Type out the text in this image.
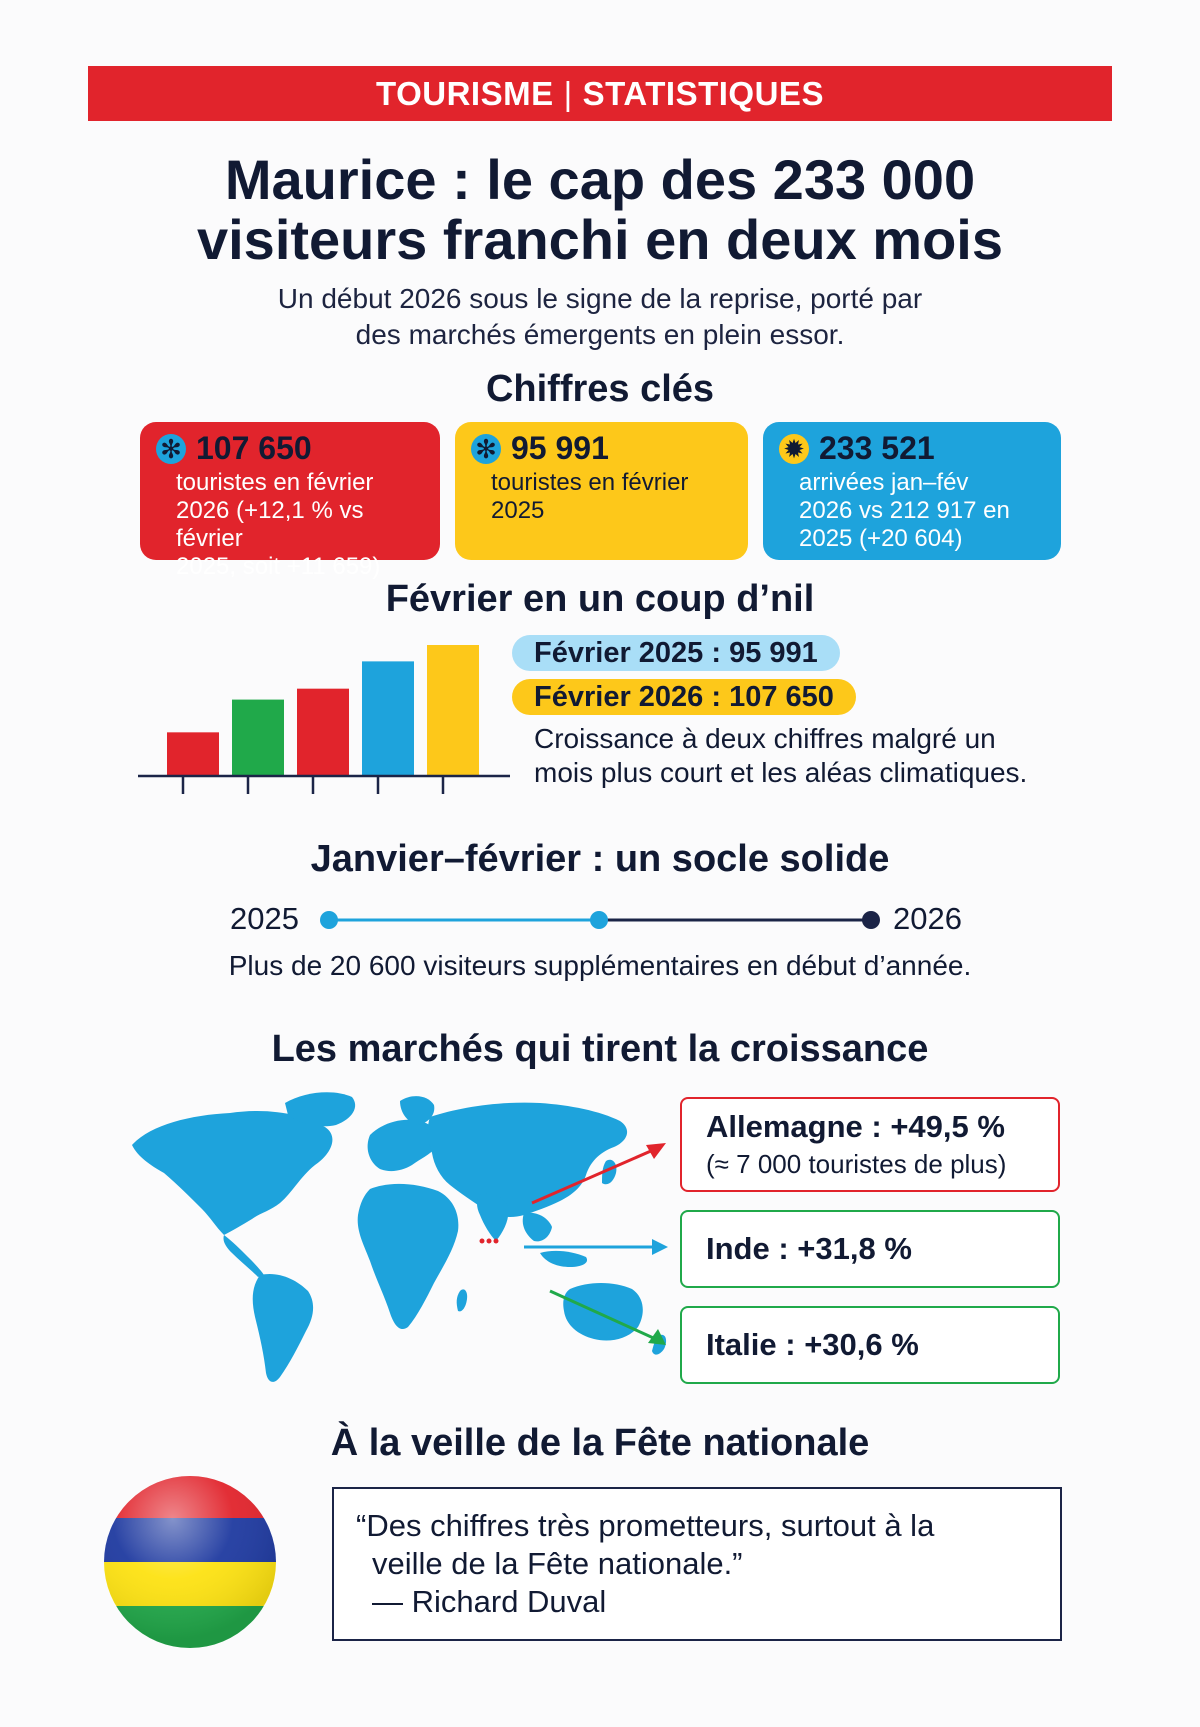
TOURISME | STATISTIQUES
Maurice : le cap des 233 000
visiteurs franchi en deux mois
Un début 2026 sous le signe de la reprise, porté par
des marchés émergents en plein essor.
Chiffres clés
✻ 107 650
touristes en février
2026 (+12,1 % vs février
2025, soit +11 659)
✻ 95 991
touristes en février
2025
✹ 233 521
arrivées jan–fév
2026 vs 212 917 en
2025 (+20 604)
Février en un coup d’nil
Février 2025 : 95 991
Février 2026 : 107 650
Croissance à deux chiffres malgré un
mois plus court et les aléas climatiques.
Janvier–février : un socle solide
2025	2026
Plus de 20 600 visiteurs supplémentaires en début d’année.
Les marchés qui tirent la croissance
Allemagne : +49,5 %
(≈ 7 000 touristes de plus)
Inde : +31,8 %
Italie : +30,6 %
À la veille de la Fête nationale
“Des chiffres très prometteurs, surtout à la
veille de la Fête nationale.”
— Richard Duval
